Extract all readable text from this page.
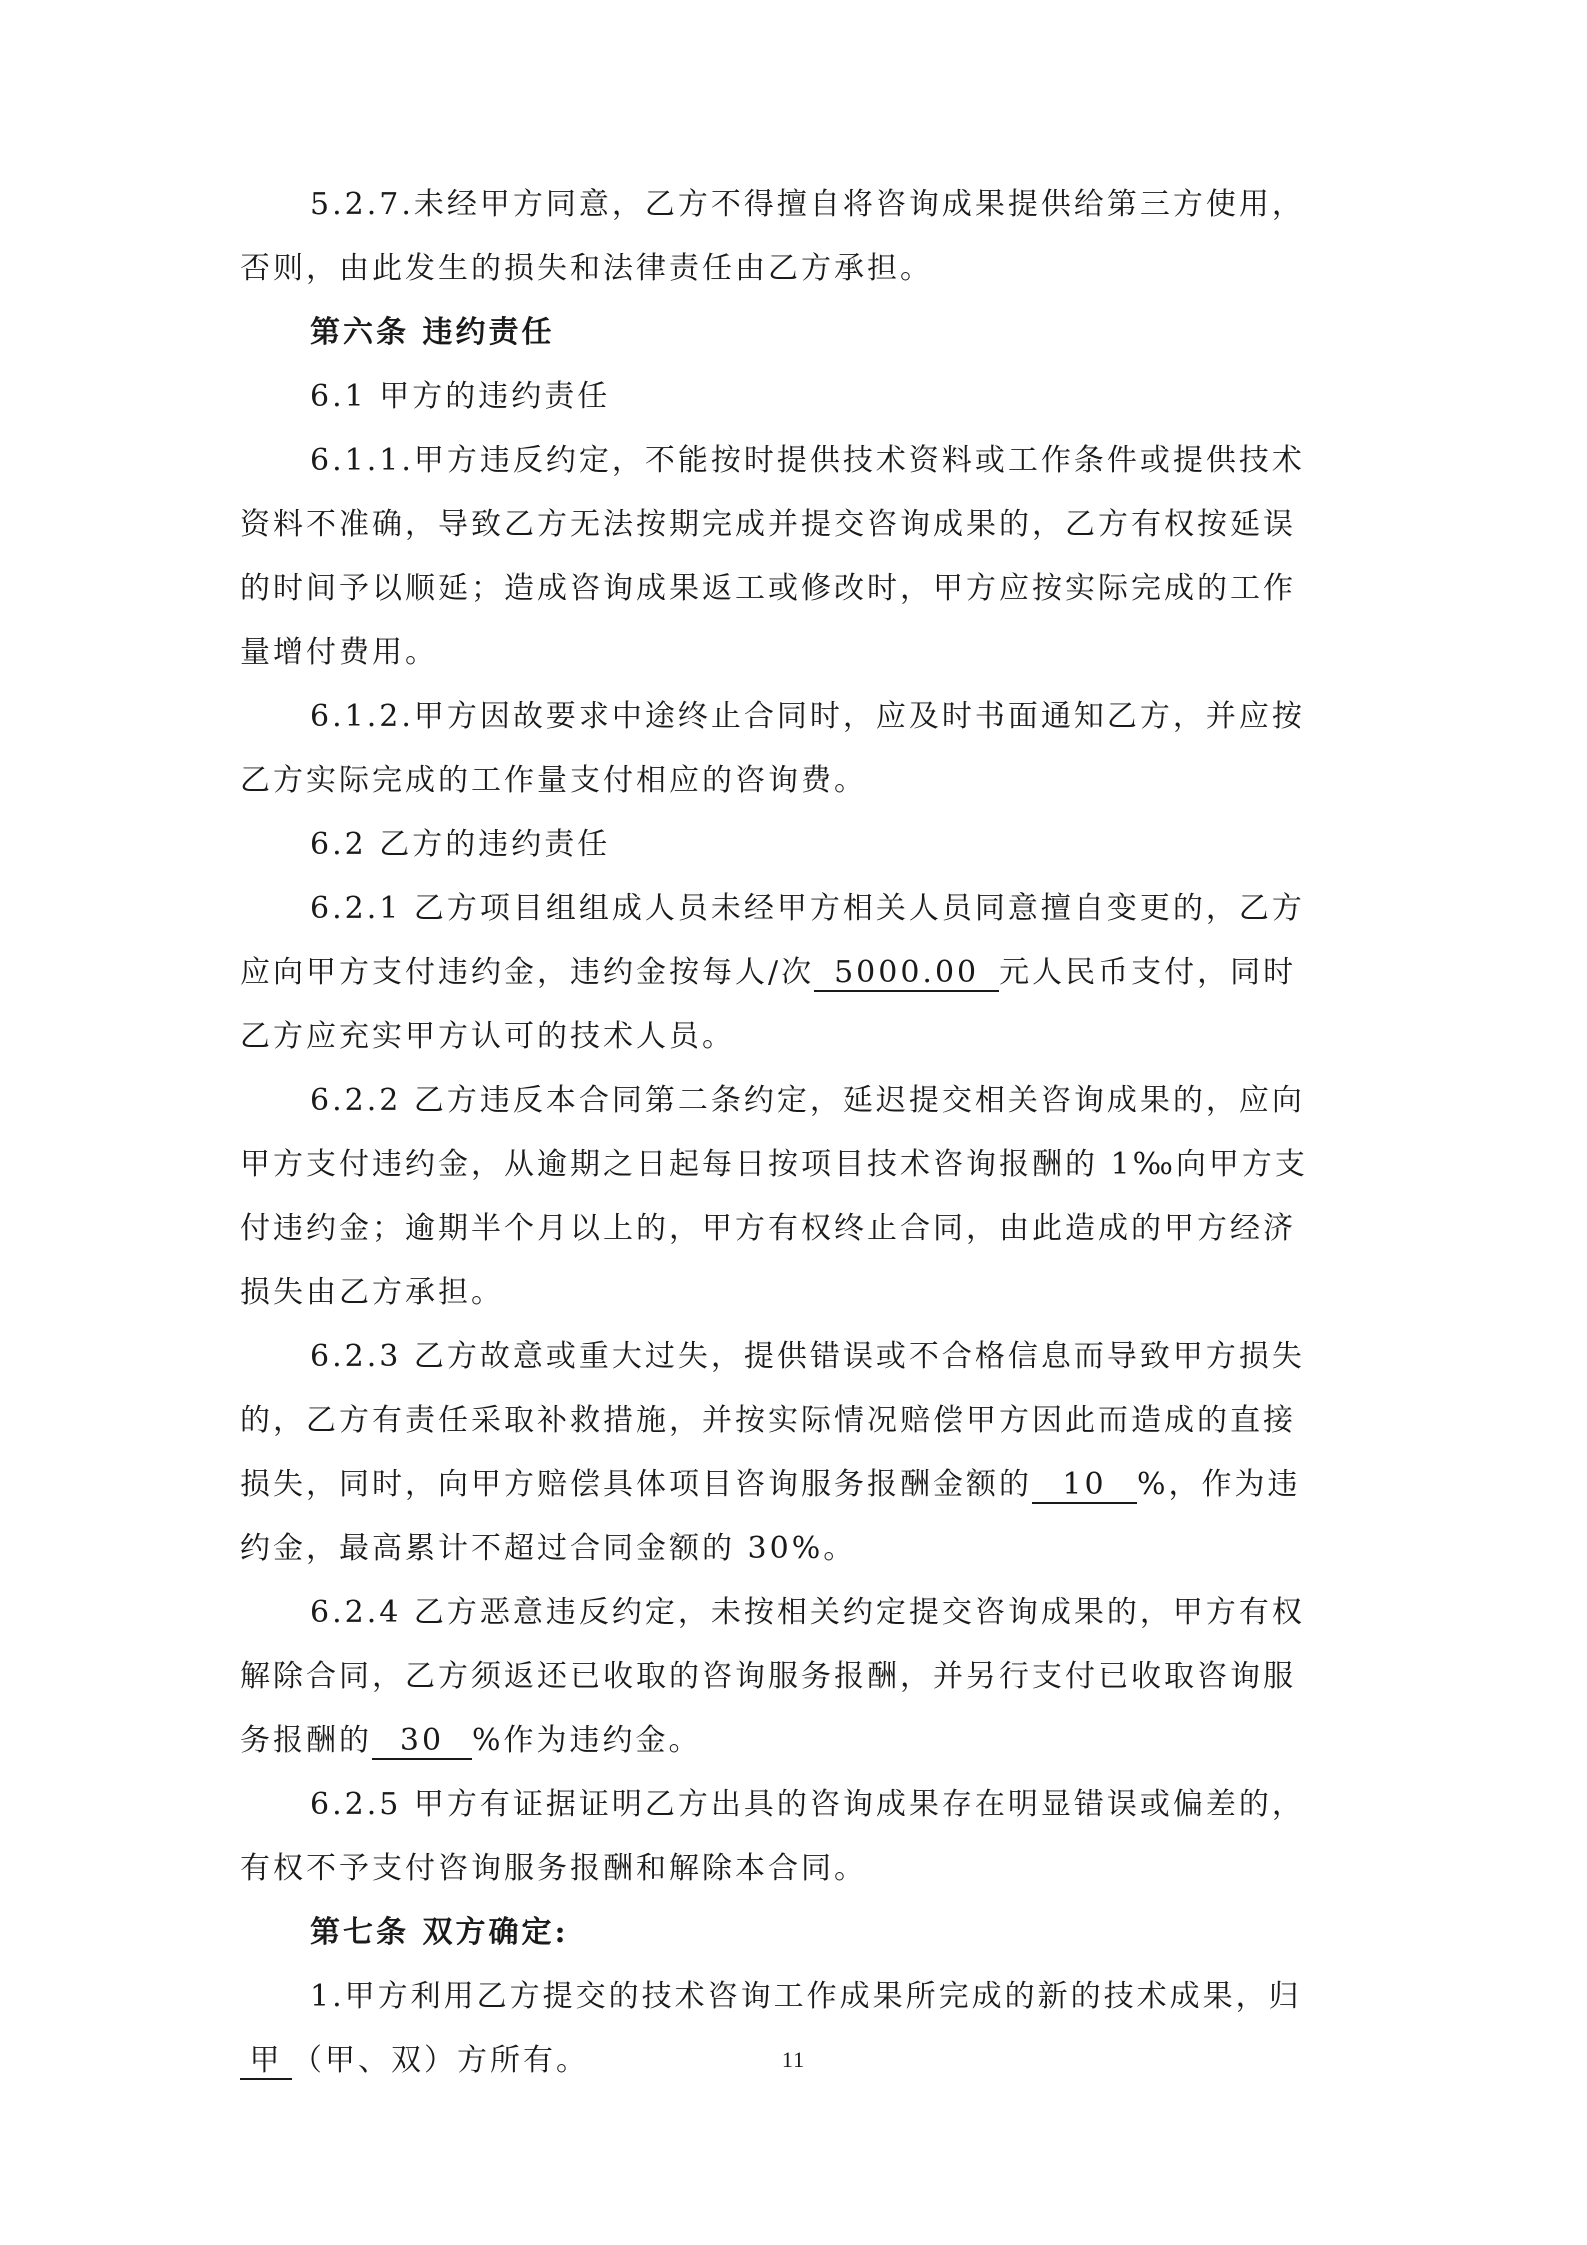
5.2.7.未经甲方同意，乙方不得擅自将咨询成果提供给第三方使用，
否则，由此发生的损失和法律责任由乙方承担。
第六条 违约责任
6.1 甲方的违约责任
6.1.1.甲方违反约定，不能按时提供技术资料或工作条件或提供技术
资料不准确，导致乙方无法按期完成并提交咨询成果的，乙方有权按延误
的时间予以顺延；造成咨询成果返工或修改时，甲方应按实际完成的工作
量增付费用。
6.1.2.甲方因故要求中途终止合同时，应及时书面通知乙方，并应按
乙方实际完成的工作量支付相应的咨询费。
6.2 乙方的违约责任
6.2.1 乙方项目组组成人员未经甲方相关人员同意擅自变更的，乙方
应向甲方支付违约金，违约金按每人/次 5000.00 元人民币支付，同时
乙方应充实甲方认可的技术人员。
6.2.2 乙方违反本合同第二条约定，延迟提交相关咨询成果的，应向
甲方支付违约金，从逾期之日起每日按项目技术咨询报酬的 1‰向甲方支
付违约金；逾期半个月以上的，甲方有权终止合同，由此造成的甲方经济
损失由乙方承担。
6.2.3 乙方故意或重大过失，提供错误或不合格信息而导致甲方损失
的，乙方有责任采取补救措施，并按实际情况赔偿甲方因此而造成的直接
损失，同时，向甲方赔偿具体项目咨询服务报酬金额的 10 %，作为违
约金，最高累计不超过合同金额的 30%。
6.2.4 乙方恶意违反约定，未按相关约定提交咨询成果的，甲方有权
解除合同，乙方须返还已收取的咨询服务报酬，并另行支付已收取咨询服
务报酬的 30 %作为违约金。
6.2.5 甲方有证据证明乙方出具的咨询成果存在明显错误或偏差的，
有权不予支付咨询服务报酬和解除本合同。
第七条 双方确定:
1.甲方利用乙方提交的技术咨询工作成果所完成的新的技术成果，归
甲 （甲、双）方所有。	11
